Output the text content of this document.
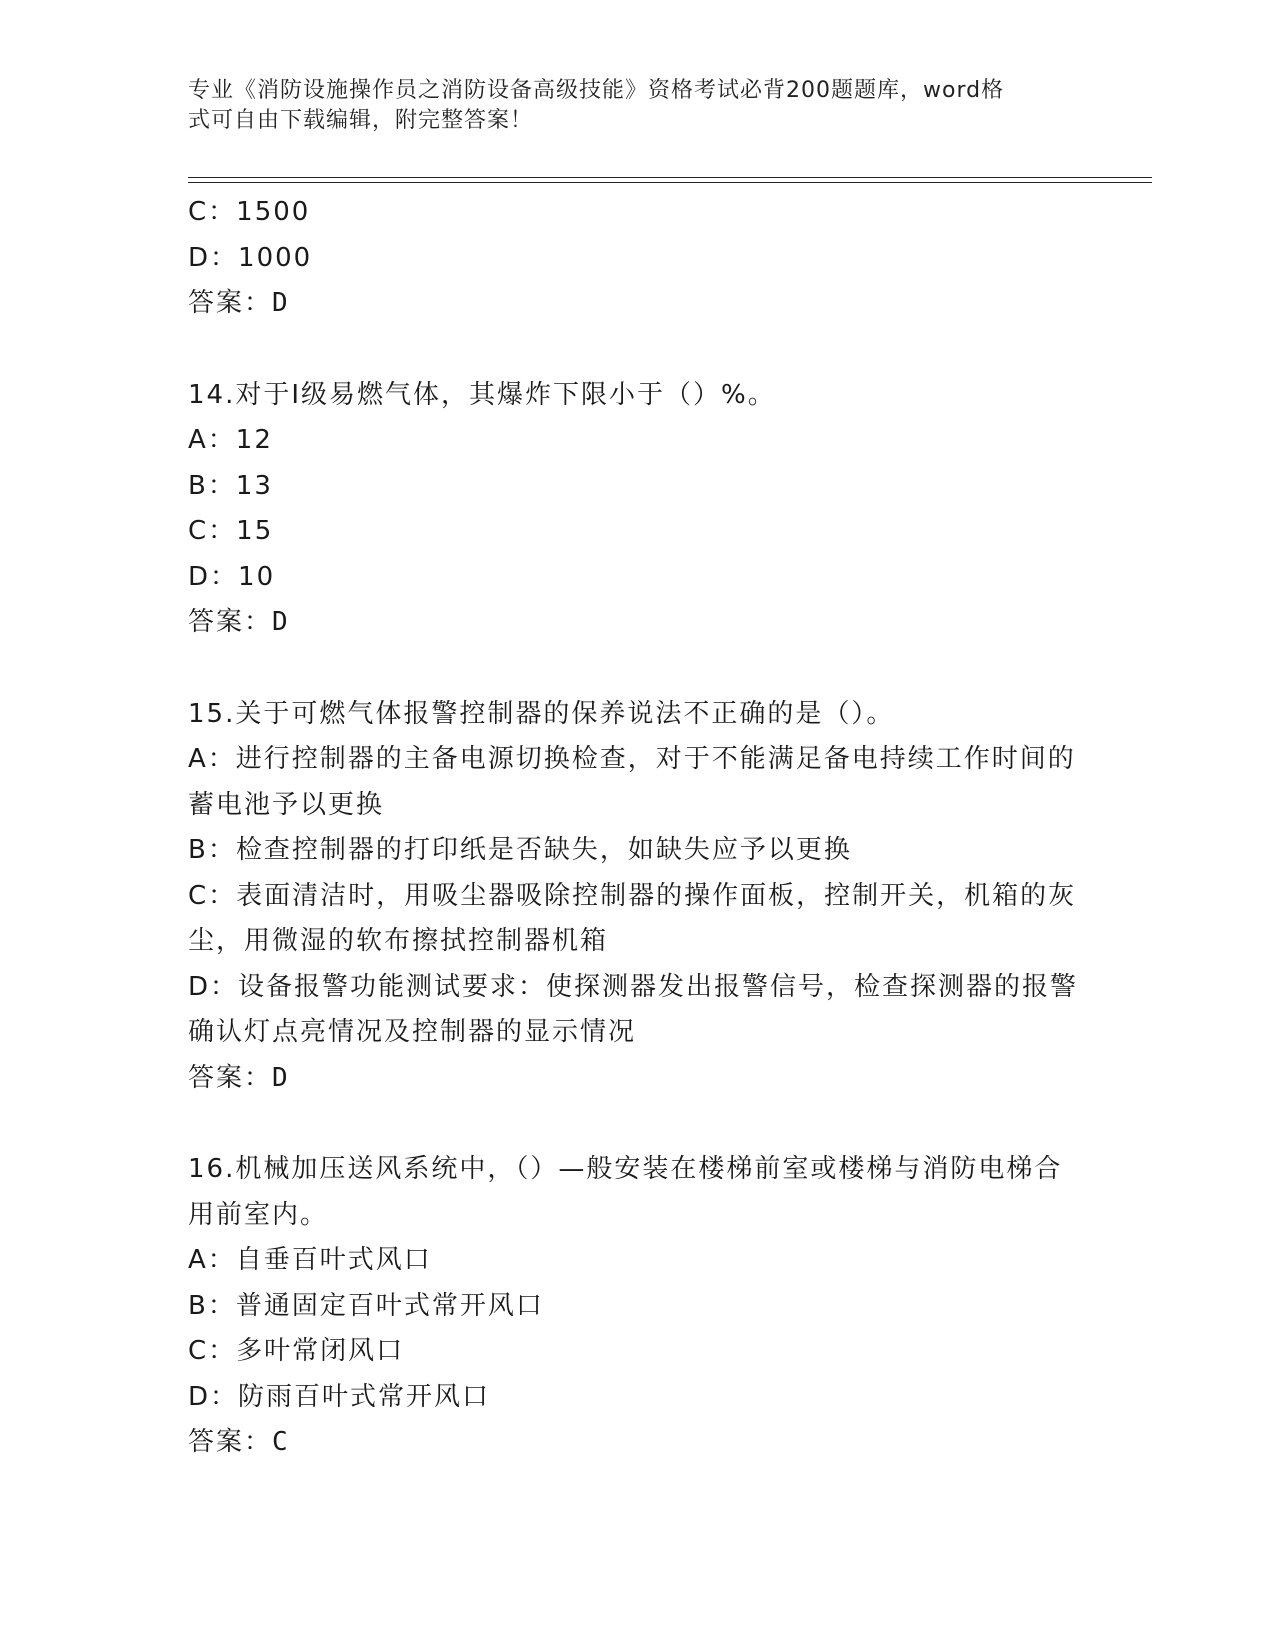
专业《消防设施操作员之消防设备高级技能》资格考试必背200题题库，word格
式可自由下载编辑，附完整答案！
C：1500
D：1000
答案：D
14.对于Ⅰ级易燃气体，其爆炸下限小于（）%。
A：12
B：13
C：15
D：10
答案：D
15.关于可燃气体报警控制器的保养说法不正确的是（）。
A：进行控制器的主备电源切换检查，对于不能满足备电持续工作时间的蓄电池予以更换
B：检查控制器的打印纸是否缺失，如缺失应予以更换
C：表面清洁时，用吸尘器吸除控制器的操作面板，控制开关，机箱的灰尘，用微湿的软布擦拭控制器机箱
D：设备报警功能测试要求：使探测器发出报警信号，检查探测器的报警确认灯点亮情况及控制器的显示情况
答案：D
16.机械加压送风系统中，（）—般安装在楼梯前室或楼梯与消防电梯合用前室内。
A：自垂百叶式风口
B：普通固定百叶式常开风口
C：多叶常闭风口
D：防雨百叶式常开风口
答案：C
